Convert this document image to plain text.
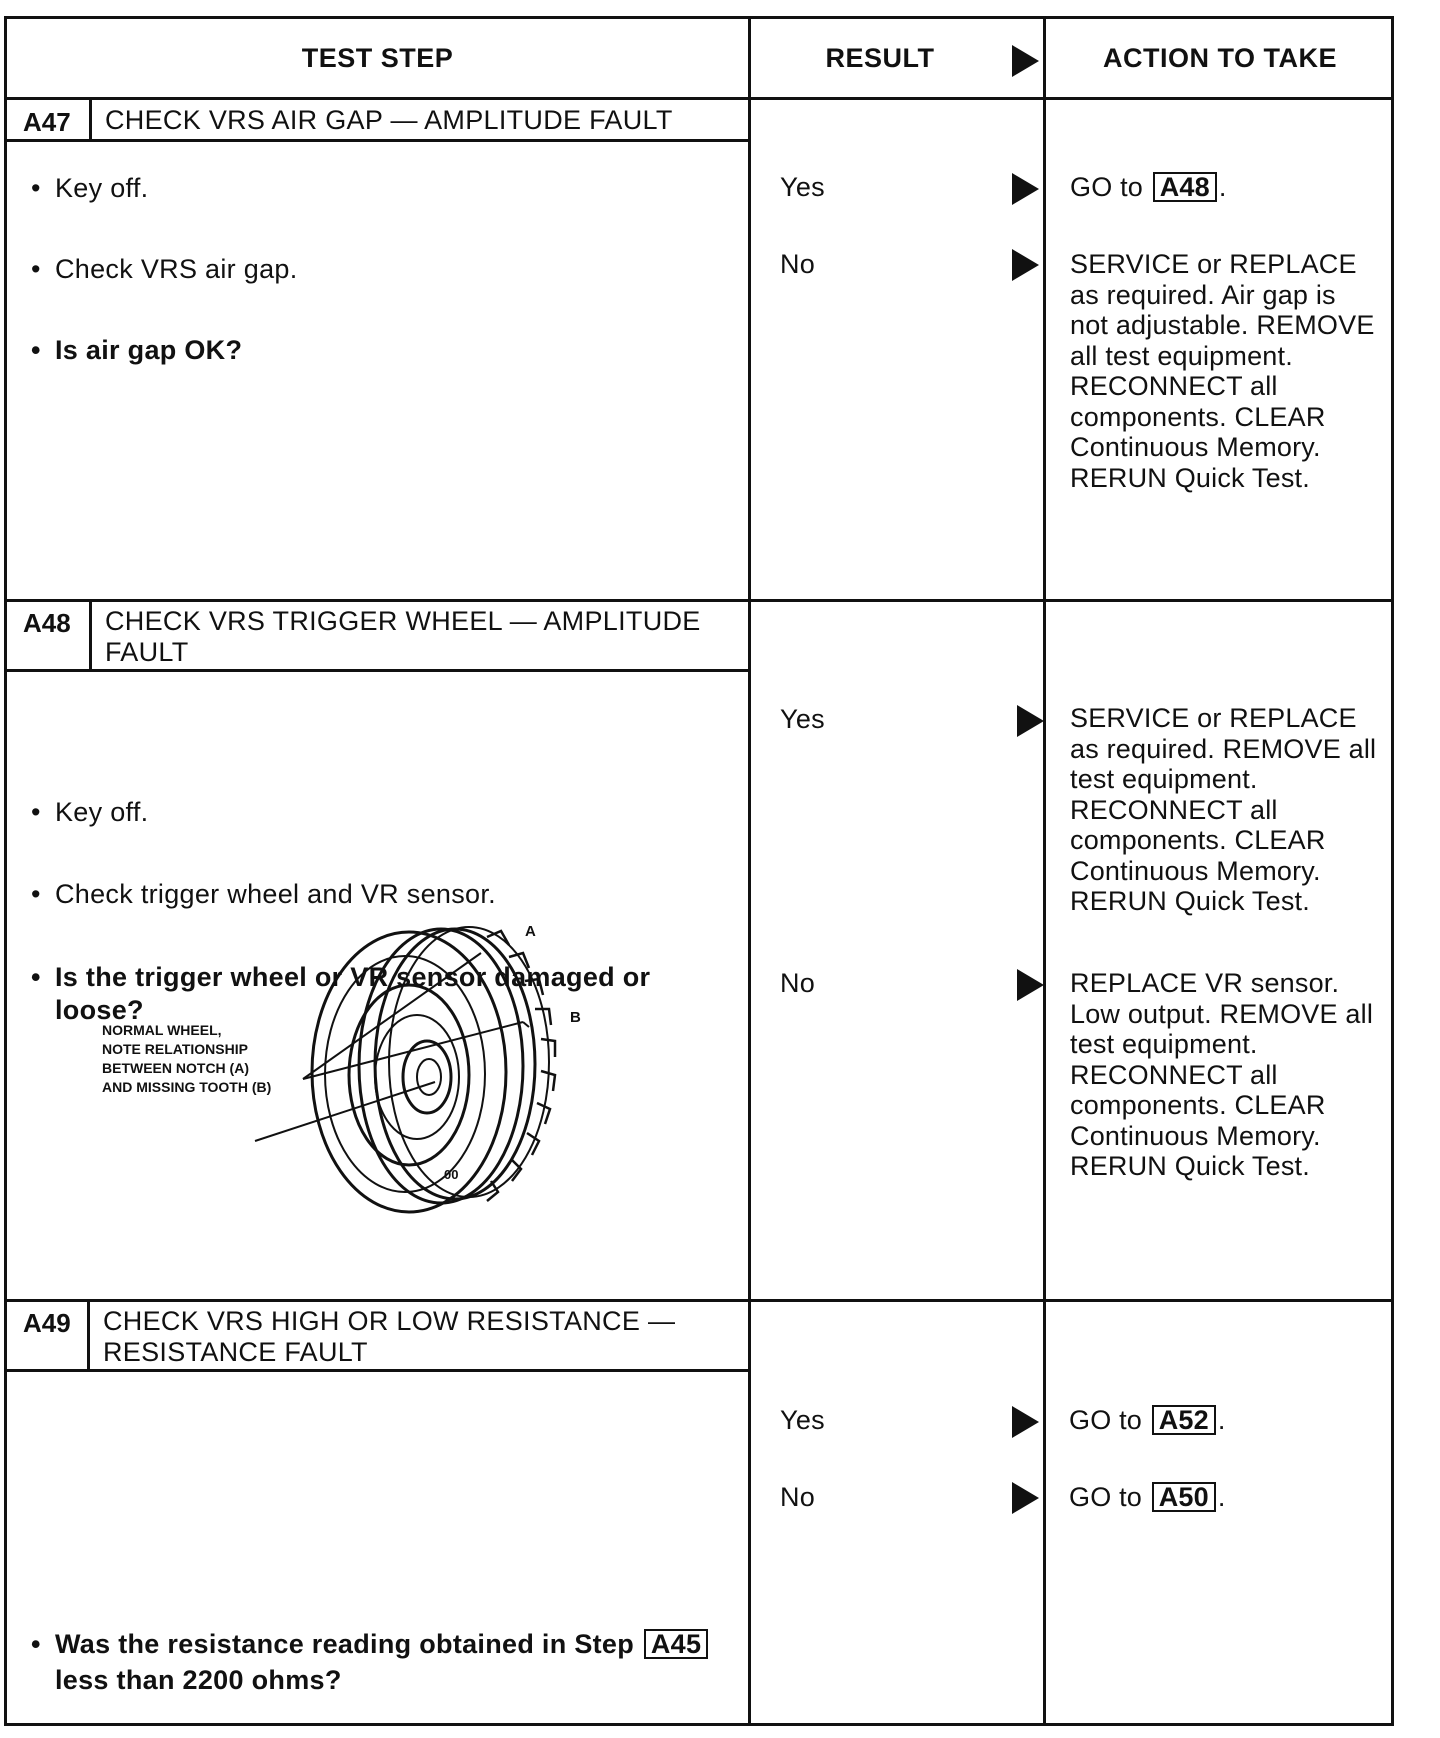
TEST STEP	RESULT	ACTION TO TAKE
A47 CHECK VRS AIR GAP — AMPLITUDE FAULT
• Key off.
• Check VRS air gap.
• Is air gap OK?
Yes	GO to A48 .
No	SERVICE or REPLACE as required. Air gap is not adjustable. REMOVE all test equipment. RECONNECT all components. CLEAR Continuous Memory. RERUN Quick Test.
A48 CHECK VRS TRIGGER WHEEL — AMPLITUDE FAULT
• Key off.
• Check trigger wheel and VR sensor.
• Is the trigger wheel or VR sensor damaged or loose?
NORMAL WHEEL,
NOTE RELATIONSHIP
BETWEEN NOTCH (A)
AND MISSING TOOTH (B)
A
B
00
Yes	SERVICE or REPLACE as required. REMOVE all test equipment. RECONNECT all components. CLEAR Continuous Memory. RERUN Quick Test.
No	REPLACE VR sensor. Low output. REMOVE all test equipment. RECONNECT all components. CLEAR Continuous Memory. RERUN Quick Test.
A49 CHECK VRS HIGH OR LOW RESISTANCE — RESISTANCE FAULT
• Was the resistance reading obtained in Step A45 less than 2200 ohms?
Yes	GO to A52 .
No	GO to A50 .
